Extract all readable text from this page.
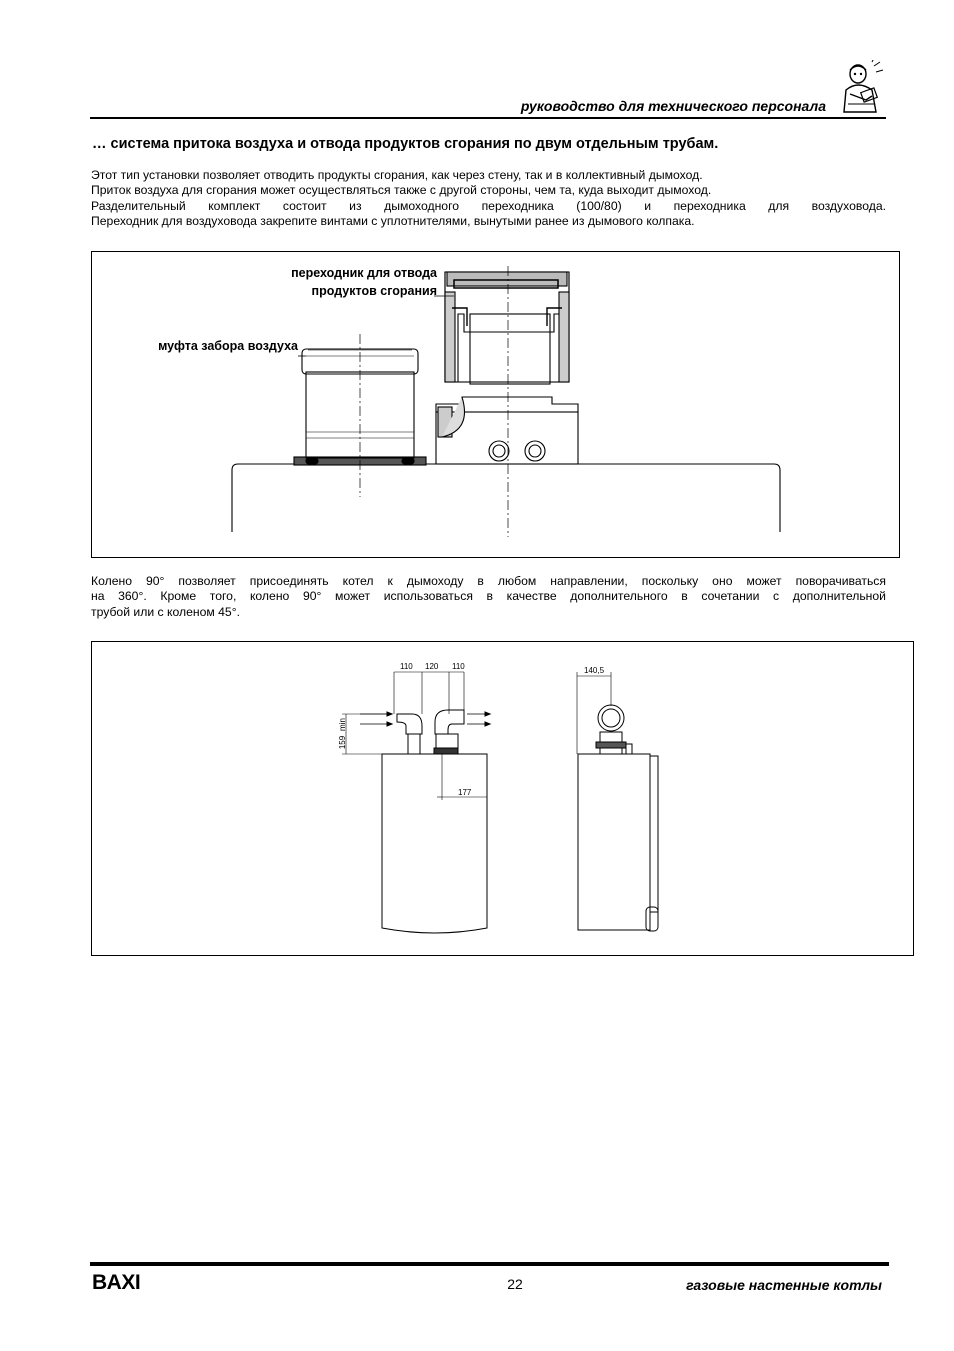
руководство для технического персонала
… система притока воздуха и отвода продуктов сгорания по двум отдельным трубам.

Этот тип установки позволяет отводить продукты сгорания, как через стену, так и в коллективный дымоход.

Приток воздуха для сгорания может осуществляться также с другой стороны, чем та, куда выходит дымоход.

Разделительный комплект состоит из дымоходного переходника (100/80) и переходника для воздуховода.

Переходник для воздуховода закрепите винтами с уплотнителями, вынутыми ранее из дымового колпака.

переходник для отвода
продуктов сгорания
муфта забора воздуха

Колено 90° позволяет присоединять котел к дымоходу в любом направлении, поскольку оно может поворачиваться

на 360°. Кроме того, колено 90° может использоваться в качестве дополнительного в сочетании с дополнительной

трубой или с коленом 45°.

110 120 110
min
159
177
140,5
BAXI	22	газовые настенные котлы
